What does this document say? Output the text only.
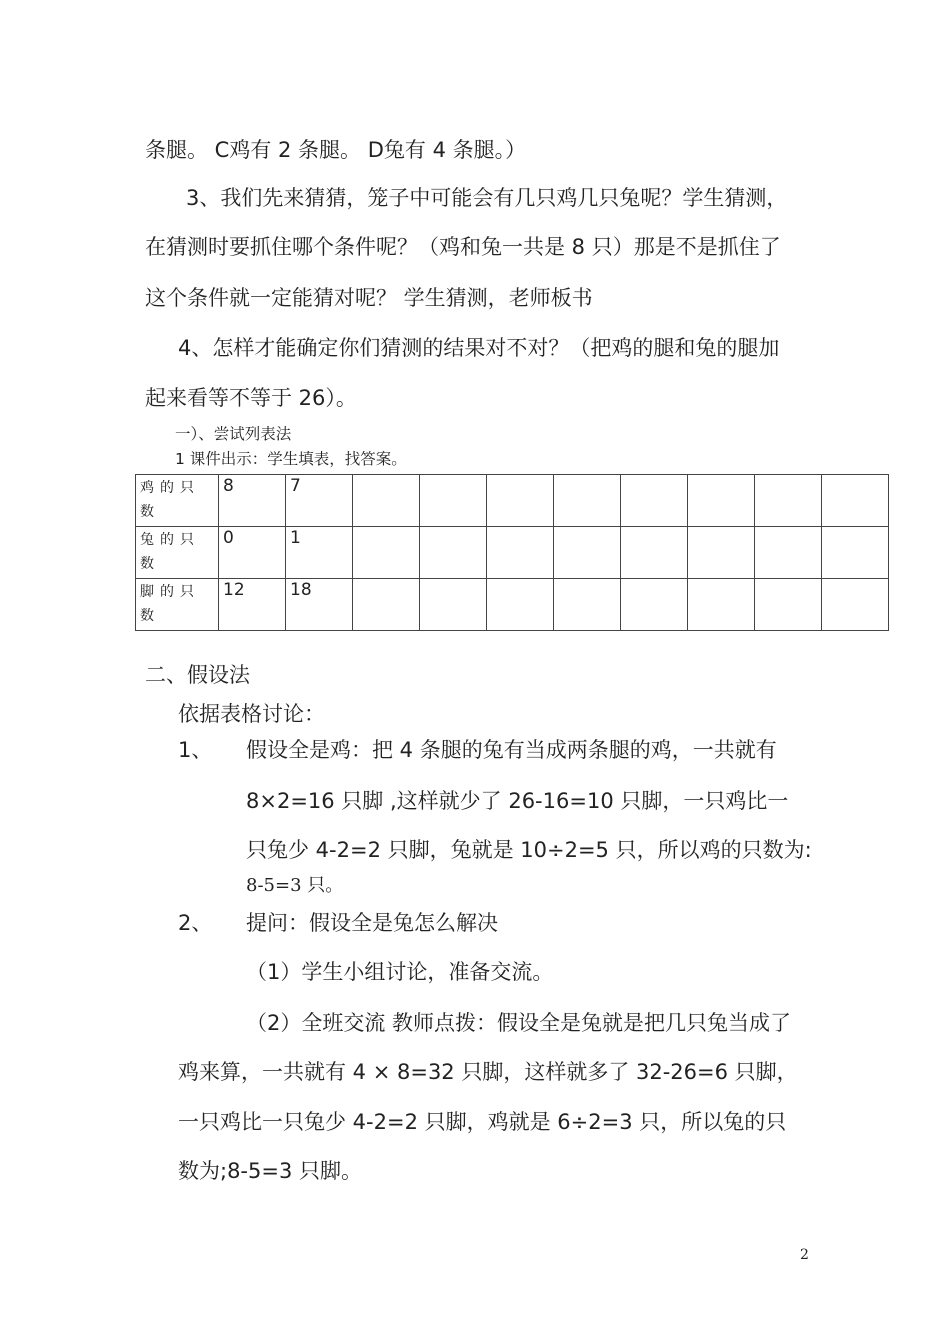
条腿。 C鸡有 2 条腿。 D兔有 4 条腿。）
3、我们先来猜猜，笼子中可能会有几只鸡几只兔呢？学生猜测，
在猜测时要抓住哪个条件呢？（鸡和兔一共是 8 只）那是不是抓住了
这个条件就一定能猜对呢？ 学生猜测，老师板书
4、怎样才能确定你们猜测的结果对不对？（把鸡的腿和兔的腿加
起来看等不等于 26）。
一）、尝试列表法
1 课件出示：学生填表，找答案。
鸡的只数	8	7								
兔的只数	0	1								
脚的只数	12	18								
二、假设法
依据表格讨论：
1、 假设全是鸡：把 4 条腿的兔有当成两条腿的鸡，一共就有
8×2=16 只脚 ,这样就少了 26-16=10 只脚，一只鸡比一
只兔少 4-2=2 只脚，兔就是 10÷2=5 只，所以鸡的只数为:
8-5=3 只。
2、 提问：假设全是兔怎么解决
（1）学生小组讨论，准备交流。
（2）全班交流 教师点拨：假设全是兔就是把几只兔当成了
鸡来算，一共就有 4 × 8=32 只脚，这样就多了 32-26=6 只脚，
一只鸡比一只兔少 4-2=2 只脚，鸡就是 6÷2=3 只，所以兔的只
数为;8-5=3 只脚。
2
